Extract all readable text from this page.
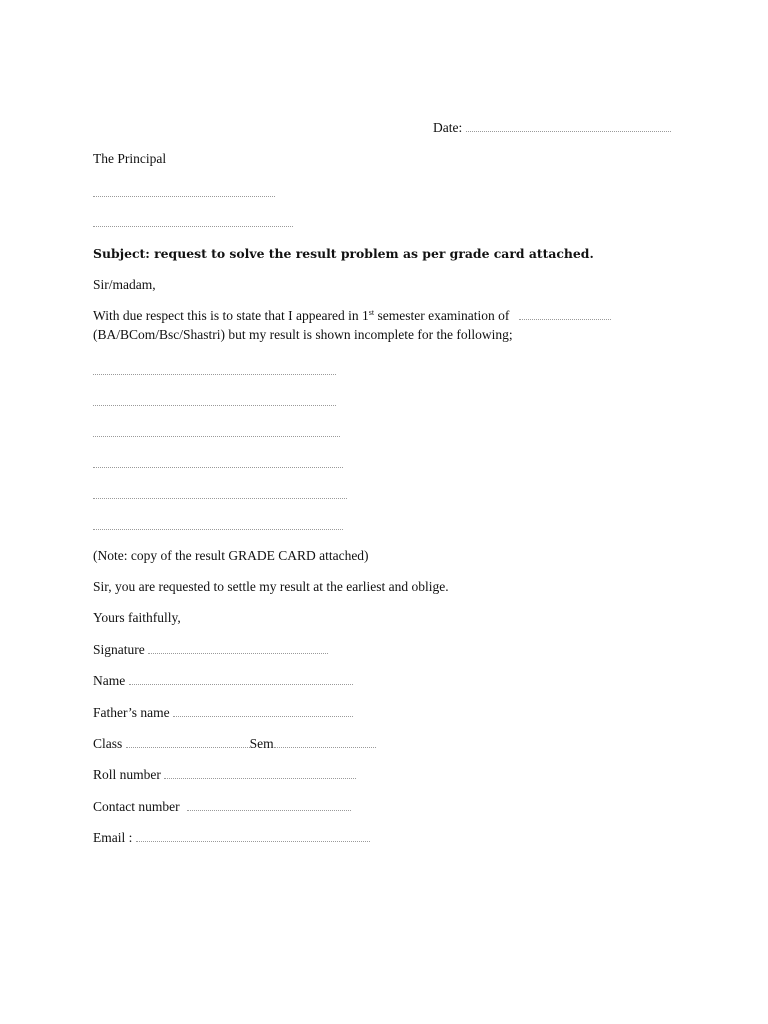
Date:
The Principal
Subject: request to solve the result problem as per grade card attached.
Sir/madam,
With due respect this is to state that I appeared in 1st semester examination of
(BA/BCom/Bsc/Shastri) but my result is shown incomplete for the following;
(Note: copy of the result GRADE CARD attached)
Sir, you are requested to settle my result at the earliest and oblige.
Yours faithfully,
Signature
Name
Father’s name
Class	Sem
Roll number
Contact number
Email :
